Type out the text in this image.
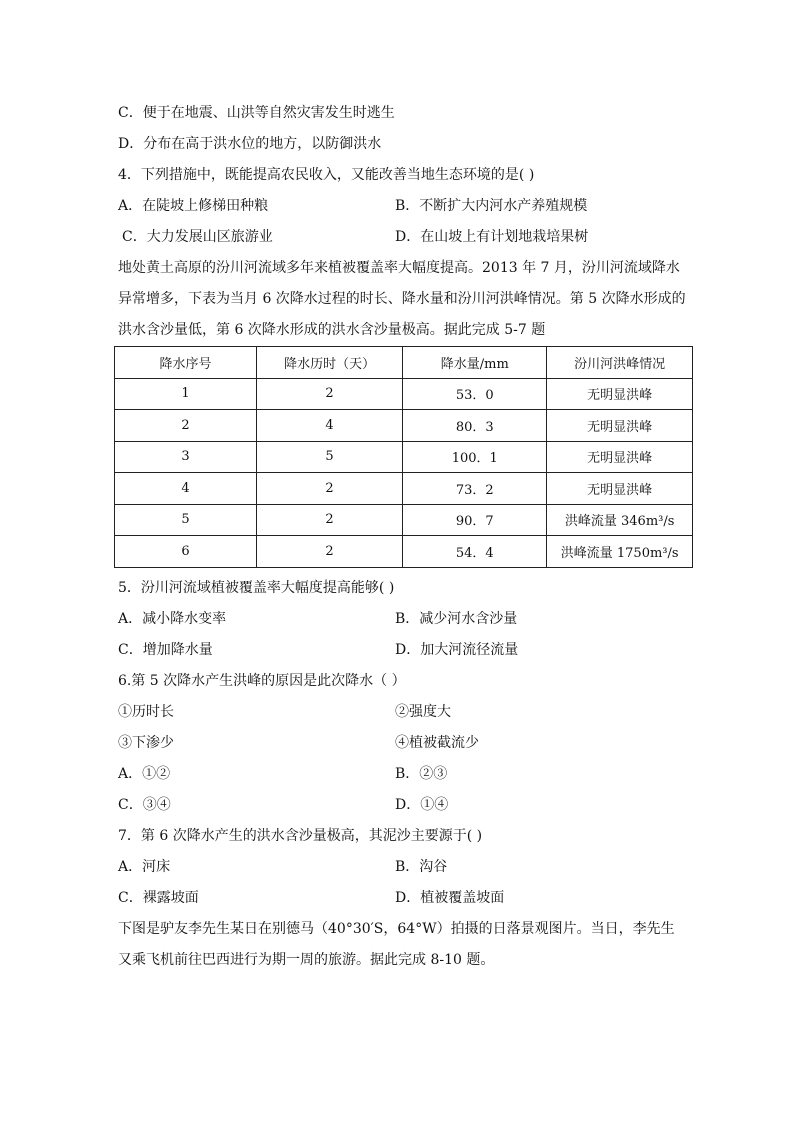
C．便于在地震、山洪等自然灾害发生时逃生
D．分布在高于洪水位的地方，以防御洪水
4．下列措施中，既能提高农民收入，又能改善当地生态环境的是( )
A．在陡坡上修梯田种粮	B．不断扩大内河水产养殖规模
C．大力发展山区旅游业	D．在山坡上有计划地栽培果树
地处黄土高原的汾川河流域多年来植被覆盖率大幅度提高。2013 年 7 月，汾川河流域降水
异常增多，下表为当月 6 次降水过程的时长、降水量和汾川河洪峰情况。第 5 次降水形成的
洪水含沙量低，第 6 次降水形成的洪水含沙量极高。据此完成 5-7 题
降水序号	降水历时（天）	降水量/mm	汾川河洪峰情况
1	2	53．0	无明显洪峰
2	4	80．3	无明显洪峰
3	5	100．1	无明显洪峰
4	2	73．2	无明显洪峰
5	2	90．7	洪峰流量 346m³/s
6	2	54．4	洪峰流量 1750m³/s
5．汾川河流域植被覆盖率大幅度提高能够( )
A．减小降水变率	B．减少河水含沙量
C．增加降水量	D．加大河流径流量
6.第 5 次降水产生洪峰的原因是此次降水（ ）
①历时长	②强度大
③下渗少	④植被截流少
A．①②	B．②③
C．③④	D．①④
7．第 6 次降水产生的洪水含沙量极高，其泥沙主要源于( )
A．河床	B．沟谷
C．裸露坡面	D．植被覆盖坡面
下图是驴友李先生某日在别德马（40°30′S，64°W）拍摄的日落景观图片。当日，李先生
又乘飞机前往巴西进行为期一周的旅游。据此完成 8-10 题。
